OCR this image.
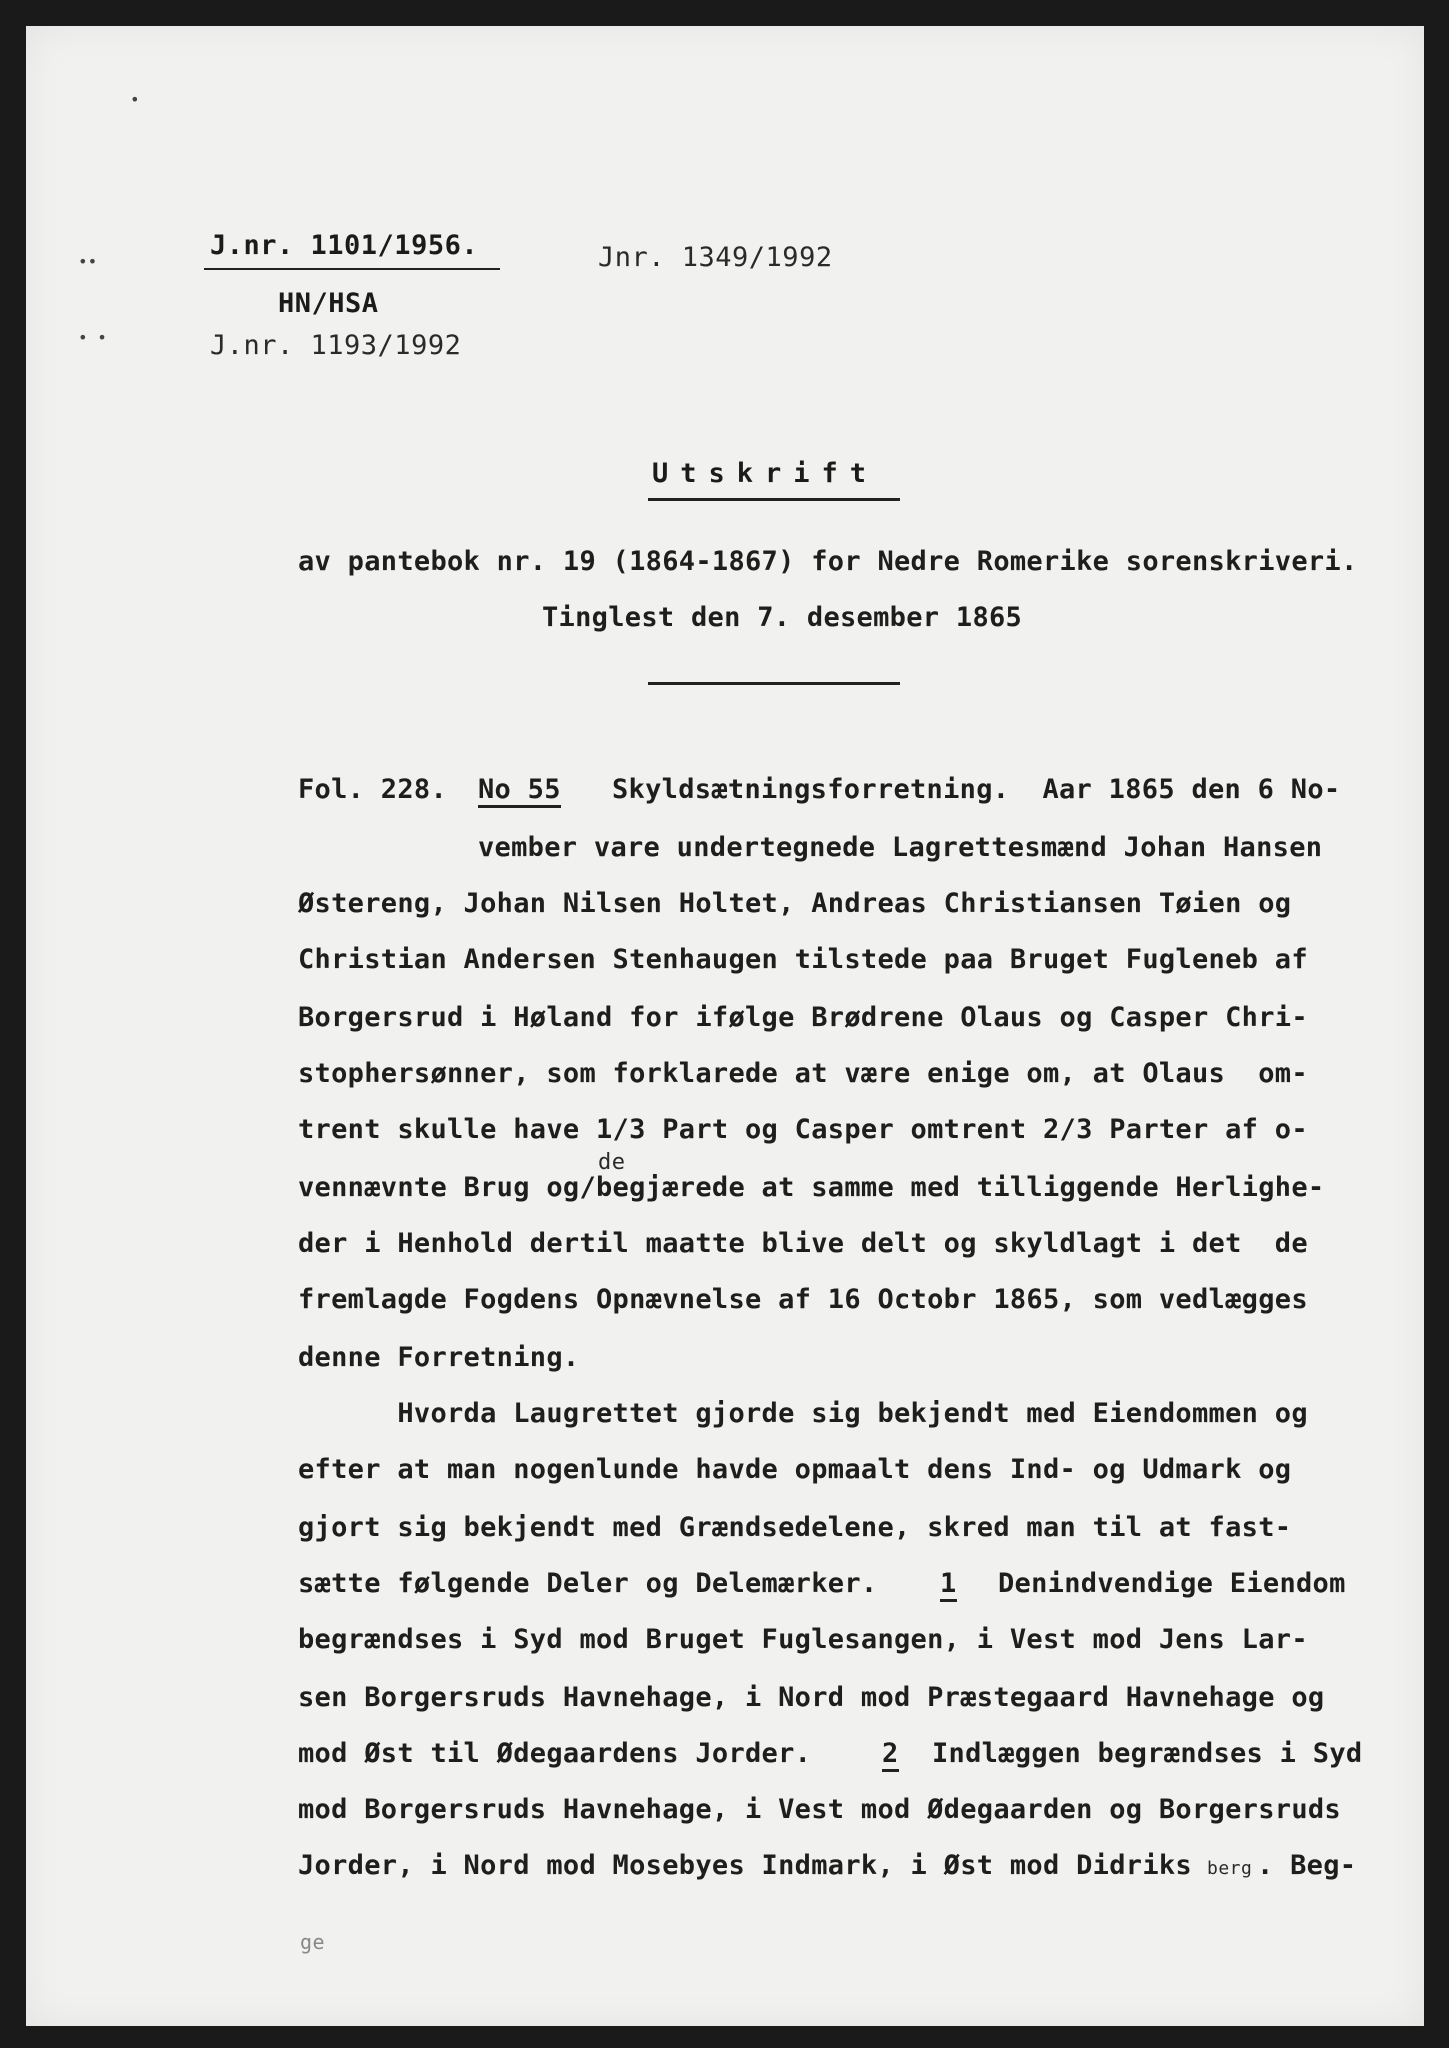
•
••
• •
J.nr. 1101/1956.	Jnr. 1349/1992
HN/HSA
J.nr. 1193/1992
Utskrift
av pantebok nr. 19 (1864-1867) for Nedre Romerike sorenskriveri.
Tinglest den 7. desember 1865
Fol. 228. No 55 Skyldsætningsforretning.  Aar 1865 den 6 No-
vember vare undertegnede Lagrettesmænd Johan Hansen
Østereng, Johan Nilsen Holtet, Andreas Christiansen Tøien og
Christian Andersen Stenhaugen tilstede paa Bruget Fugleneb af
Borgersrud i Høland for ifølge Brødrene Olaus og Casper Chri-
stophersønner, som forklarede at være enige om, at Olaus  om-
trent skulle have 1/3 Part og Casper omtrent 2/3 Parter af o-
de
vennævnte Brug og/begjærede at samme med tilliggende Herlighe-
der i Henhold dertil maatte blive delt og skyldlagt i det  de
fremlagde Fogdens Opnævnelse af 16 Octobr 1865, som vedlægges
denne Forretning.
Hvorda Laugrettet gjorde sig bekjendt med Eiendommen og
efter at man nogenlunde havde opmaalt dens Ind- og Udmark og
gjort sig bekjendt med Grændsedelene, skred man til at fast-
sætte følgende Deler og Delemærker. 1 Denindvendige Eiendom
begrændses i Syd mod Bruget Fuglesangen, i Vest mod Jens Lar-
sen Borgersruds Havnehage, i Nord mod Præstegaard Havnehage og
mod Øst til Ødegaardens Jorder.	2 Indlæggen begrændses i Syd
mod Borgersruds Havnehage, i Vest mod Ødegaarden og Borgersruds
Jorder, i Nord mod Mosebyes Indmark, i Øst mod Didriks berg . Beg-
ge
